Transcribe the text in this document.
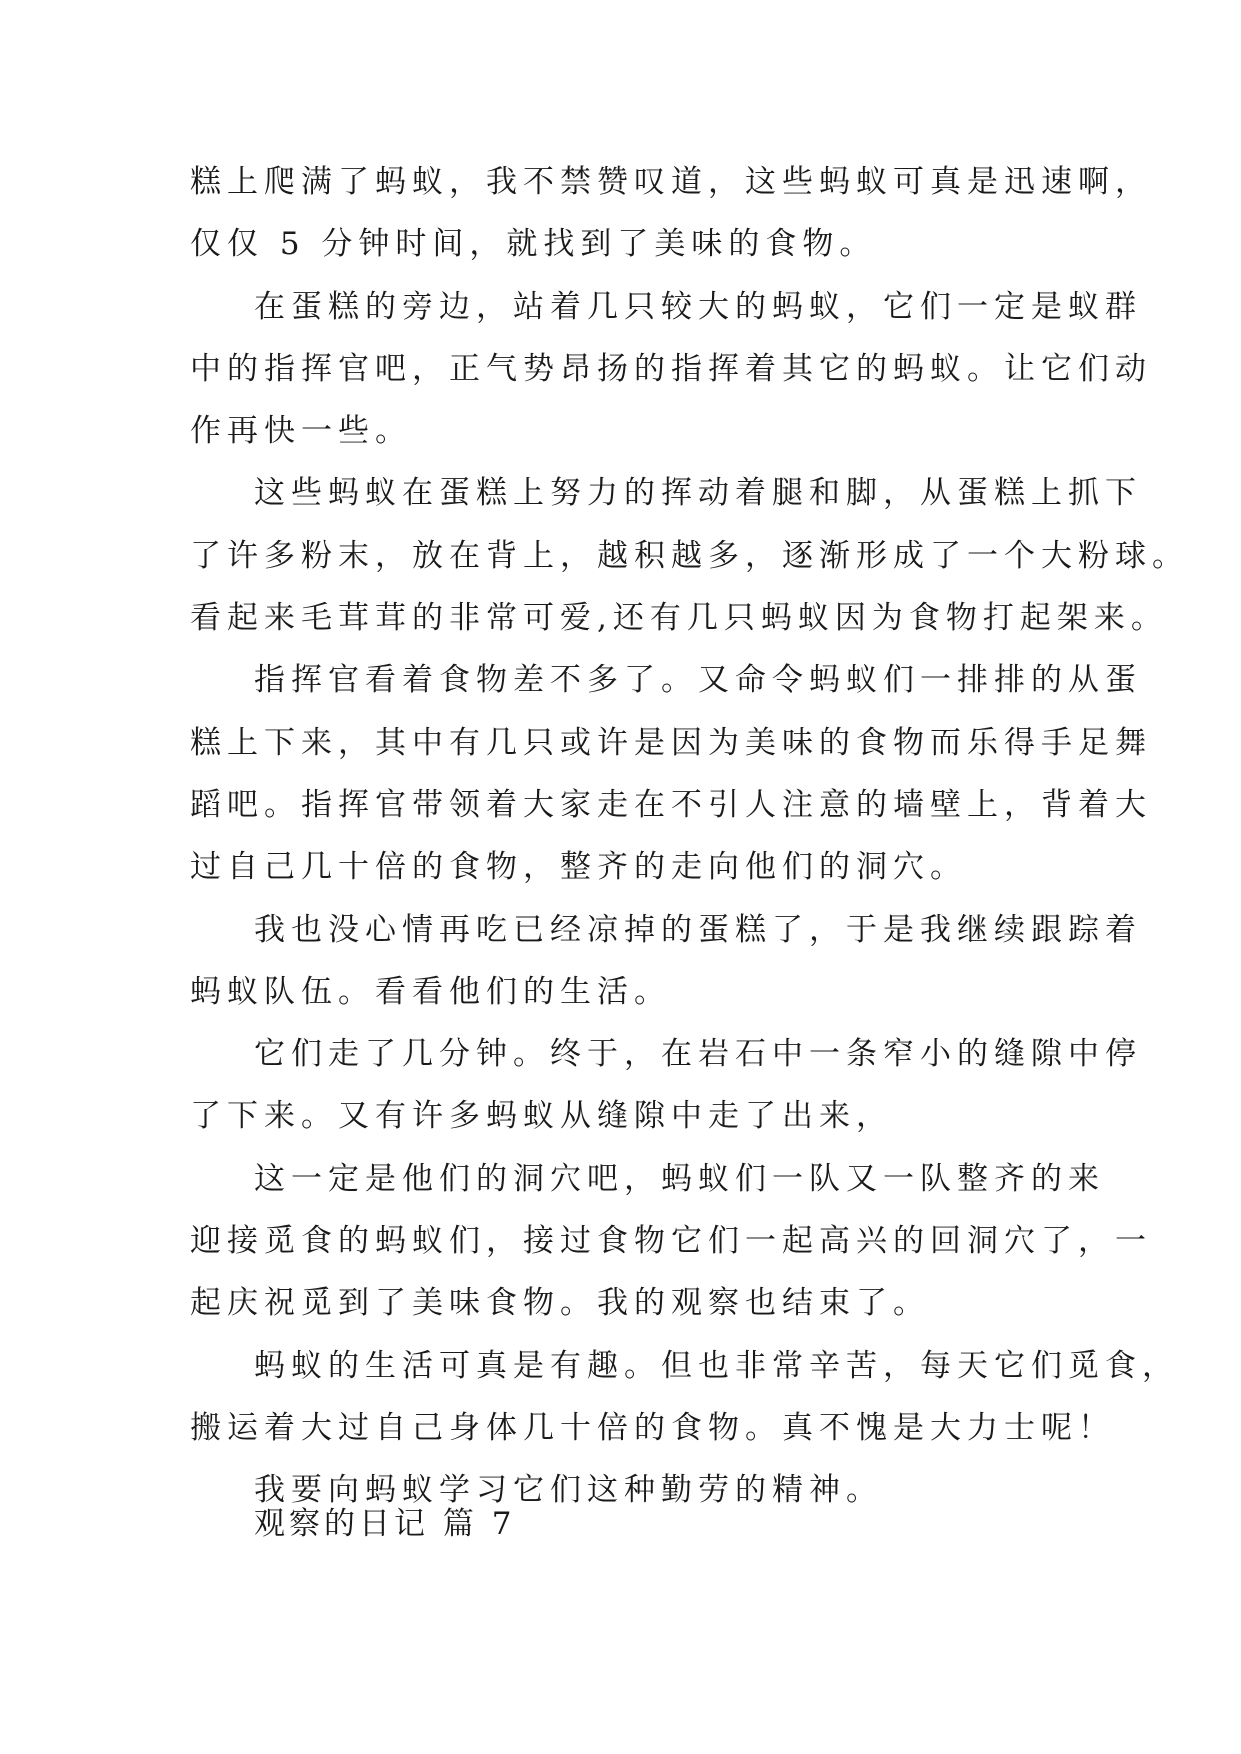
糕上爬满了蚂蚁，我不禁赞叹道，这些蚂蚁可真是迅速啊，
仅仅 5 分钟时间，就找到了美味的食物。
在蛋糕的旁边，站着几只较大的蚂蚁，它们一定是蚁群
中的指挥官吧，正气势昂扬的指挥着其它的蚂蚁。让它们动
作再快一些。
这些蚂蚁在蛋糕上努力的挥动着腿和脚，从蛋糕上抓下
了许多粉末，放在背上，越积越多，逐渐形成了一个大粉球。
看起来毛茸茸的非常可爱,还有几只蚂蚁因为食物打起架来。
指挥官看着食物差不多了。又命令蚂蚁们一排排的从蛋
糕上下来，其中有几只或许是因为美味的食物而乐得手足舞
蹈吧。指挥官带领着大家走在不引人注意的墙壁上，背着大
过自己几十倍的食物，整齐的走向他们的洞穴。
我也没心情再吃已经凉掉的蛋糕了，于是我继续跟踪着
蚂蚁队伍。看看他们的生活。
它们走了几分钟。终于，在岩石中一条窄小的缝隙中停
了下来。又有许多蚂蚁从缝隙中走了出来，
这一定是他们的洞穴吧，蚂蚁们一队又一队整齐的来
迎接觅食的蚂蚁们，接过食物它们一起高兴的回洞穴了，一
起庆祝觅到了美味食物。我的观察也结束了。
蚂蚁的生活可真是有趣。但也非常辛苦，每天它们觅食，
搬运着大过自己身体几十倍的食物。真不愧是大力士呢！
我要向蚂蚁学习它们这种勤劳的精神。
观察的日记 篇 7
